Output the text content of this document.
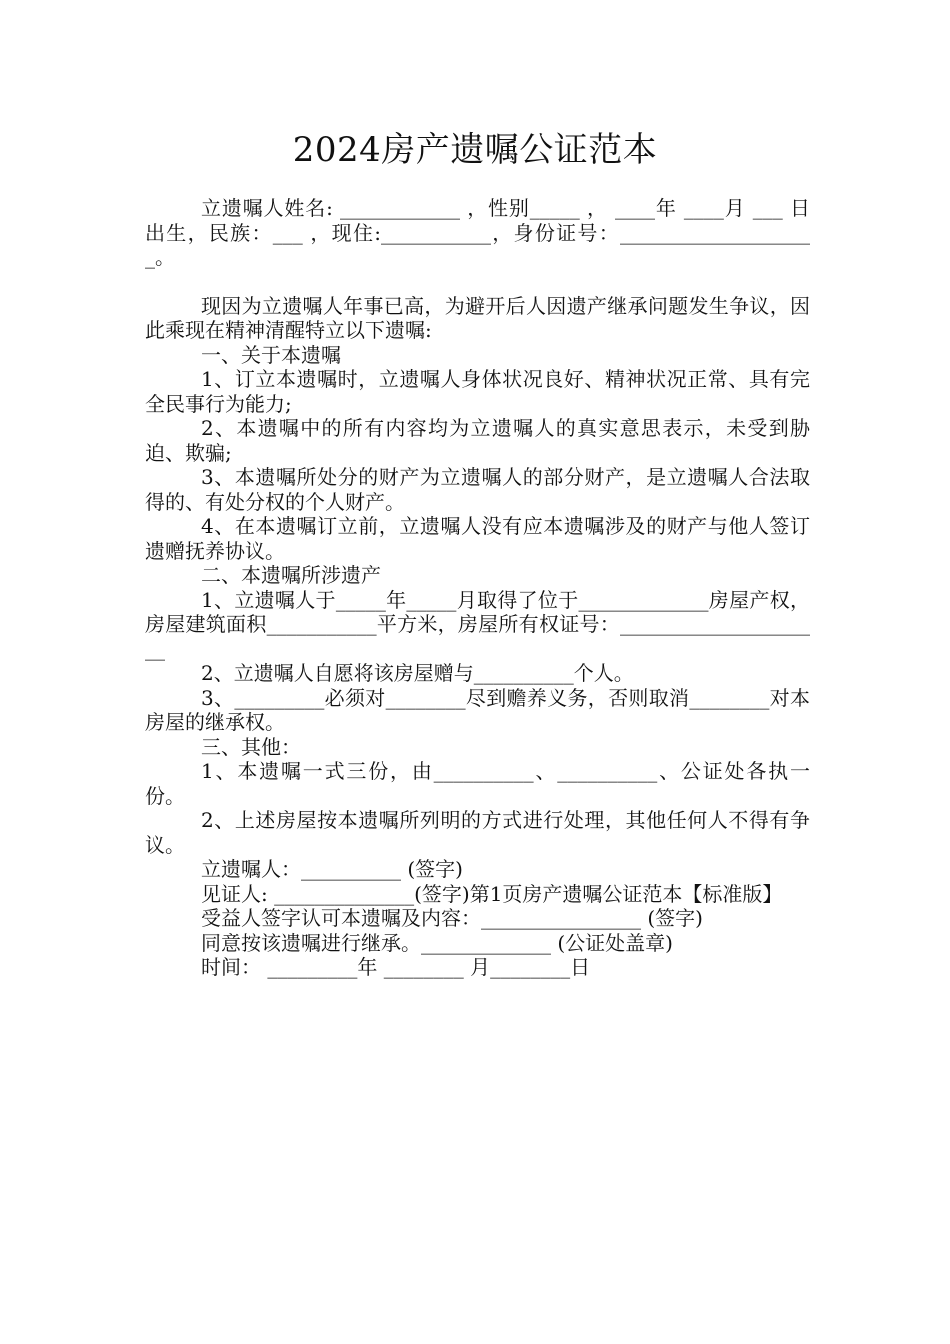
2024房产遗嘱公证范本

立遗嘱人姓名: ____________ ，性别_____ ， ____年 ____月 ___ 日出生，民族：___ ，现住:___________，身份证号：____________________。

现因为立遗嘱人年事已高，为避开后人因遗产继承问题发生争议，因此乘现在精神清醒特立以下遗嘱:

一、关于本遗嘱

1、订立本遗嘱时，立遗嘱人身体状况良好、精神状况正常、具有完全民事行为能力;

2、本遗嘱中的所有内容均为立遗嘱人的真实意思表示，未受到胁迫、欺骗;

3、本遗嘱所处分的财产为立遗嘱人的部分财产，是立遗嘱人合法取得的、有处分权的个人财产。

4、在本遗嘱订立前，立遗嘱人没有应本遗嘱涉及的财产与他人签订遗赠抚养协议。

二、本遗嘱所涉遗产

1、立遗嘱人于_____年_____月取得了位于_____________房屋产权，房屋建筑面积___________平方米，房屋所有权证号：_____________________

2、立遗嘱人自愿将该房屋赠与__________个人。

3、_________必须对________尽到赡养义务，否则取消________对本房屋的继承权。

三、其他：

1、本遗嘱一式三份，由__________、__________、公证处各执一份。

2、上述房屋按本遗嘱所列明的方式进行处理，其他任何人不得有争议。

立遗嘱人：__________ (签字)

见证人: ______________(签字)第1页房产遗嘱公证范本【标准版】

受益人签字认可本遗嘱及内容：________________ (签字)

同意按该遗嘱进行继承。_____________ (公证处盖章)

时间： _________年 ________ 月________日
